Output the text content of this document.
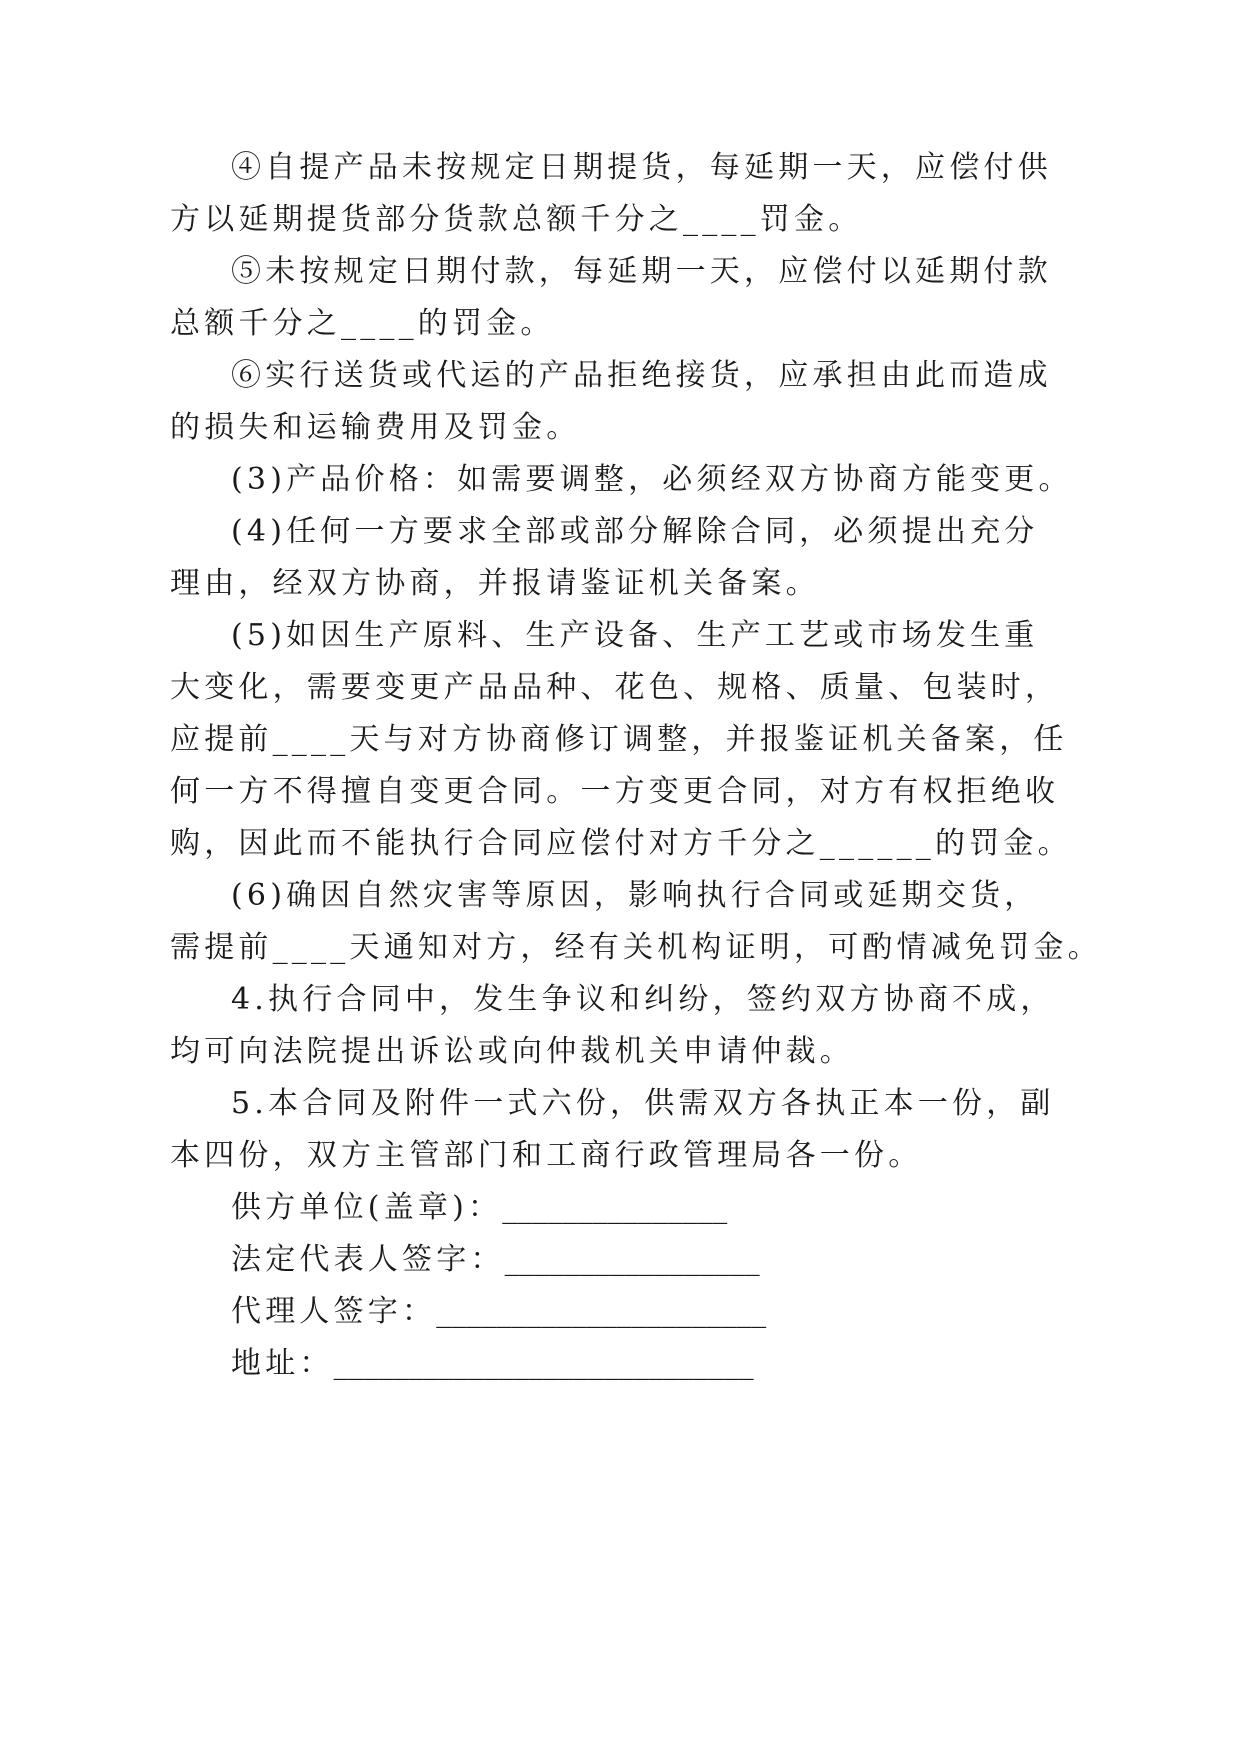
④自提产品未按规定日期提货，每延期一天，应偿付供
方以延期提货部分货款总额千分之____罚金。
⑤未按规定日期付款，每延期一天，应偿付以延期付款
总额千分之____的罚金。
⑥实行送货或代运的产品拒绝接货，应承担由此而造成
的损失和运输费用及罚金。
(3)产品价格：如需要调整，必须经双方协商方能变更。
(4)任何一方要求全部或部分解除合同，必须提出充分
理由，经双方协商，并报请鉴证机关备案。
(5)如因生产原料、生产设备、生产工艺或市场发生重
大变化，需要变更产品品种、花色、规格、质量、包装时，
应提前____天与对方协商修订调整，并报鉴证机关备案，任
何一方不得擅自变更合同。一方变更合同，对方有权拒绝收
购，因此而不能执行合同应偿付对方千分之______的罚金。
(6)确因自然灾害等原因，影响执行合同或延期交货，
需提前____天通知对方，经有关机构证明，可酌情减免罚金。
4.执行合同中，发生争议和纠纷，签约双方协商不成，
均可向法院提出诉讼或向仲裁机关申请仲裁。
5.本合同及附件一式六份，供需双方各执正本一份，副
本四份，双方主管部门和工商行政管理局各一份。
供方单位(盖章)：_______________
法定代表人签字：_________________
代理人签字：______________________
地址：____________________________
